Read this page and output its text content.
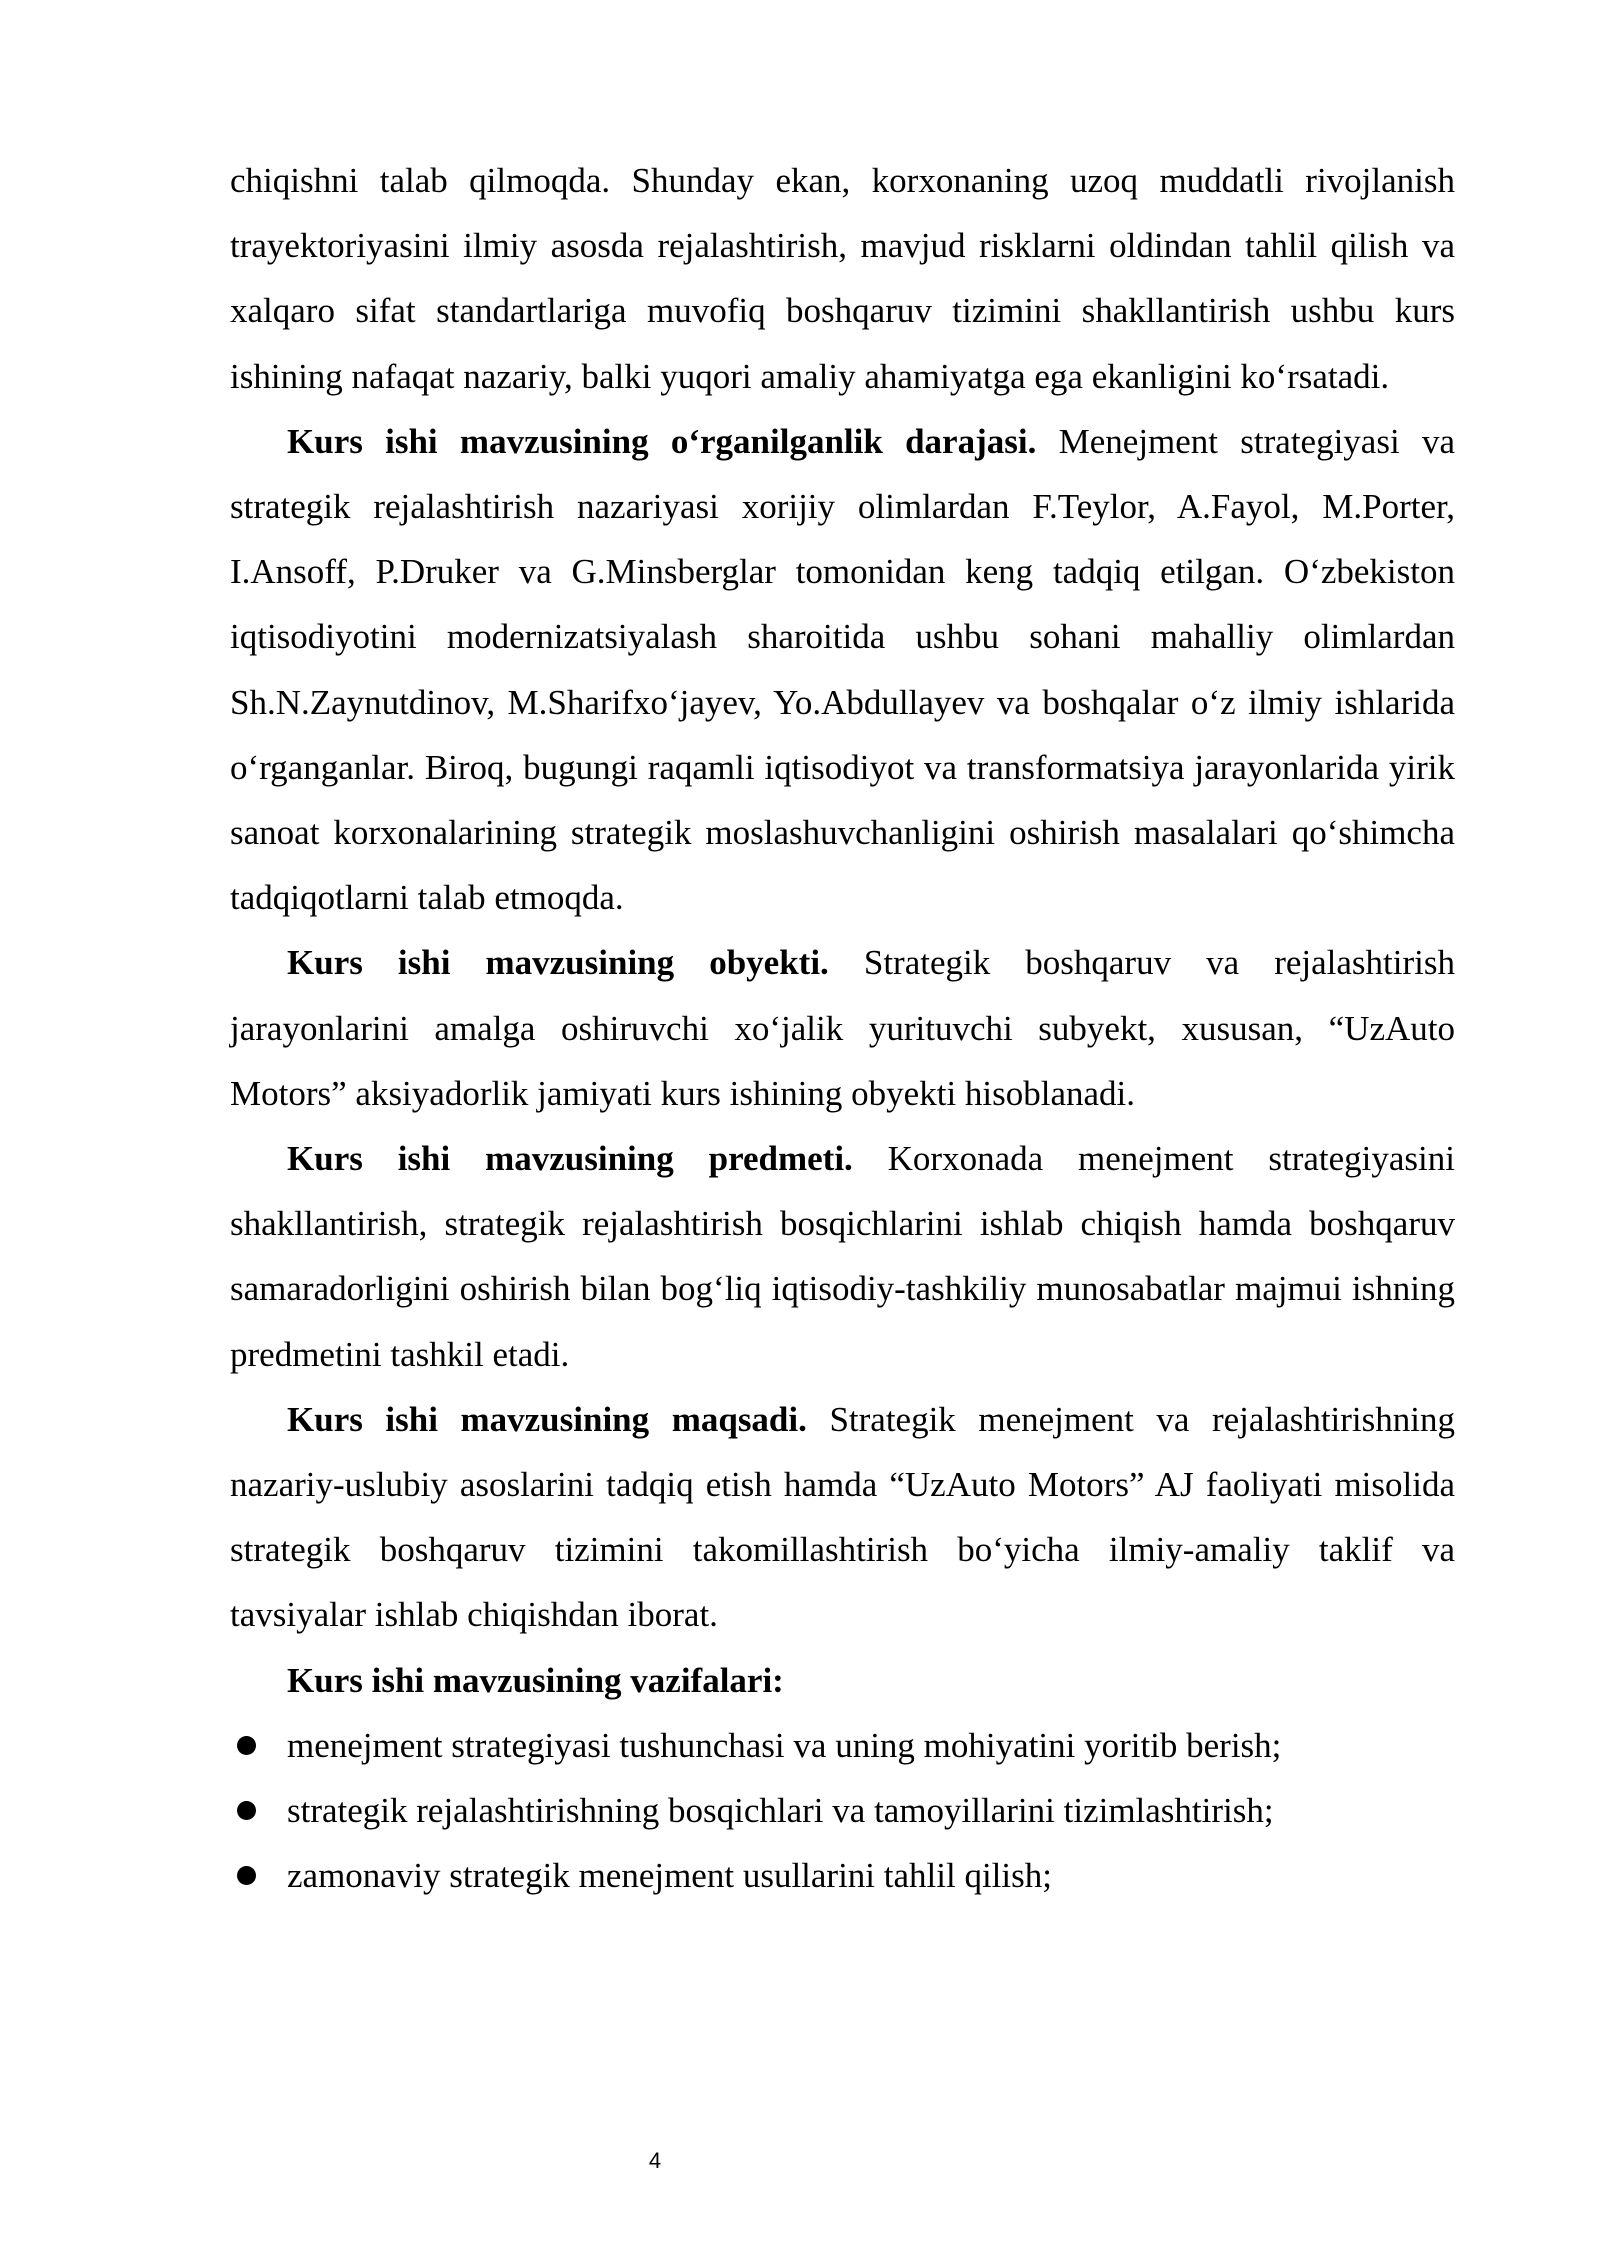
chiqishni talab qilmoqda. Shunday ekan, korxonaning uzoq muddatli rivojlanish trayektoriyasini ilmiy asosda rejalashtirish, mavjud risklarni oldindan tahlil qilish va xalqaro sifat standartlariga muvofiq boshqaruv tizimini shakllantirish ushbu kurs ishining nafaqat nazariy, balki yuqori amaliy ahamiyatga ega ekanligini ko‘rsatadi.

Kurs ishi mavzusining o‘rganilganlik darajasi. Menejment strategiyasi va strategik rejalashtirish nazariyasi xorijiy olimlardan F.Teylor, A.Fayol, M.Porter, I.Ansoff, P.Druker va G.Minsberglar tomonidan keng tadqiq etilgan. O‘zbekiston iqtisodiyotini modernizatsiyalash sharoitida ushbu sohani mahalliy olimlardan Sh.N.Zaynutdinov, M.Sharifxo‘jayev, Yo.Abdullayev va boshqalar o‘z ilmiy ishlarida o‘rganganlar. Biroq, bugungi raqamli iqtisodiyot va transformatsiya jarayonlarida yirik sanoat korxonalarining strategik moslashuvchanligini oshirish masalalari qo‘shimcha tadqiqotlarni talab etmoqda.

Kurs ishi mavzusining obyekti. Strategik boshqaruv va rejalashtirish jarayonlarini amalga oshiruvchi xo‘jalik yurituvchi subyekt, xususan, “UzAuto Motors” aksiyadorlik jamiyati kurs ishining obyekti hisoblanadi.

Kurs ishi mavzusining predmeti. Korxonada menejment strategiyasini shakllantirish, strategik rejalashtirish bosqichlarini ishlab chiqish hamda boshqaruv samaradorligini oshirish bilan bog‘liq iqtisodiy-tashkiliy munosabatlar majmui ishning predmetini tashkil etadi.

Kurs ishi mavzusining maqsadi. Strategik menejment va rejalashtirishning nazariy-uslubiy asoslarini tadqiq etish hamda “UzAuto Motors” AJ faoliyati misolida strategik boshqaruv tizimini takomillashtirish bo‘yicha ilmiy-amaliy taklif va tavsiyalar ishlab chiqishdan iborat.

Kurs ishi mavzusining vazifalari:

menejment strategiyasi tushunchasi va uning mohiyatini yoritib berish;
strategik rejalashtirishning bosqichlari va tamoyillarini tizimlashtirish;
zamonaviy strategik menejment usullarini tahlil qilish;
4
